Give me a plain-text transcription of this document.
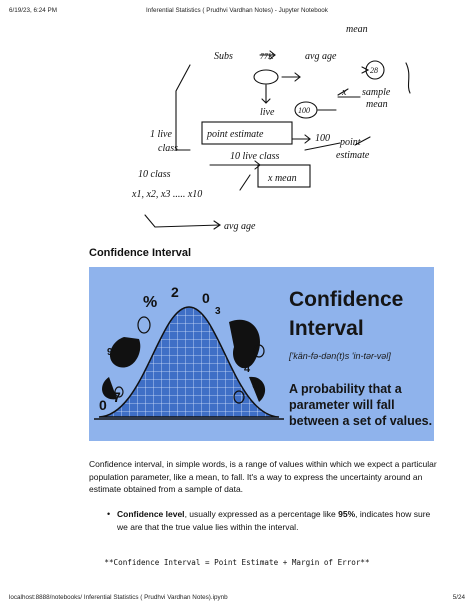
6/19/23, 6:24 PM	Inferential Statistics ( Prudhvi Vardhan Notes) - Jupyter Notebook
mean
Subs	77K	avg age
28
x sample
mean
live	100
point estimate
1 live
class
100
10 live class
point
estimate
10 class
x1, x2, x3 ..... x10
x mean
avg age
Confidence Interval
%
2 0
3
9
0 7
6
4
Confidence
Interval
['kän-fə-dən(t)s 'in-tər-vəl]
A probability that a parameter will fall between a set of values.
Confidence interval, in simple words, is a range of values within which we expect a particular population parameter, like a mean, to fall. It's a way to express the uncertainty around an estimate obtained from a sample of data.
• Confidence level, usually expressed as a percentage like 95%, indicates how sure we are that the true value lies within the interval.
**Confidence Interval = Point Estimate + Margin of Error**
localhost:8888/notebooks/ Inferential Statistics ( Prudhvi Vardhan Notes).ipynb	5/24
